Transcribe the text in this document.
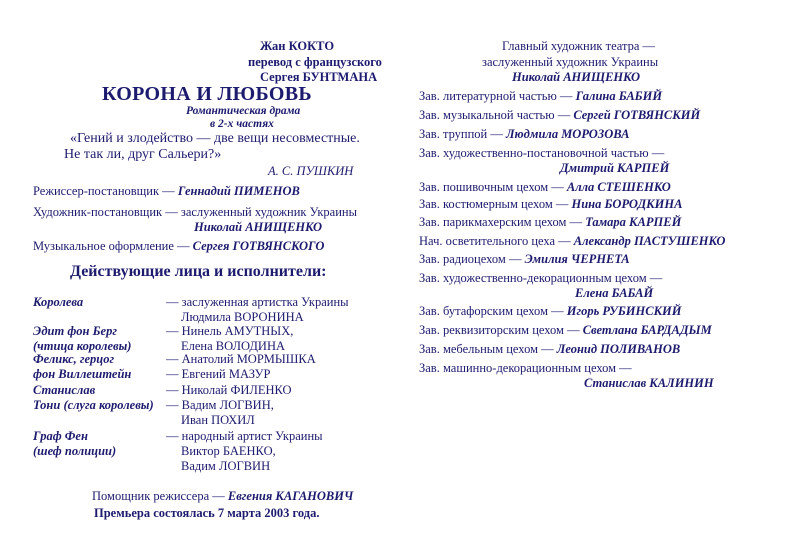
Жан КОКТО
перевод с французского
Сергея БУНТМАНА
КОРОНА И ЛЮБОВЬ
Романтическая драма
в 2-х частях
«Гений и злодейство — две вещи несовместные.
Не так ли, друг Сальери?»
А. С. ПУШКИН
Режиссер-постановщик — Геннадий ПИМЕНОВ
Художник-постановщик — заслуженный художник Украины
Николай АНИЩЕНКО
Музыкальное оформление — Сергея ГОТВЯНСКОГО
Действующие лица и исполнители:
Королева	— заслуженная артистка Украины
Людмила ВОРОНИНА
Эдит фон Берг
(чтица королевы)
— Нинель АМУТНЫХ,
Елена ВОЛОДИНА
Феликс, герцог
фон Виллештейн
— Анатолий МОРМЫШКА
— Евгений МАЗУР
Станислав	— Николай ФИЛЕНКО
Тони (слуга королевы) — Вадим ЛОГВИН,
Иван ПОХИЛ
Граф Фен
(шеф полиции)
— народный артист Украины
Виктор БАЕНКО,
Вадим ЛОГВИН
Помощник режиссера — Евгения КАГАНОВИЧ
Премьера состоялась 7 марта 2003 года.
Главный художник театра —
заслуженный художник Украины
Николай АНИЩЕНКО
Зав. литературной частью — Галина БАБИЙ
Зав. музыкальной частью — Сергей ГОТВЯНСКИЙ
Зав. труппой — Людмила МОРОЗОВА
Зав. художественно-постановочной частью —
Дмитрий КАРПЕЙ
Зав. пошивочным цехом — Алла СТЕШЕНКО
Зав. костюмерным цехом — Нина БОРОДКИНА
Зав. парикмахерским цехом — Тамара КАРПЕЙ
Нач. осветительного цеха — Александр ПАСТУШЕНКО
Зав. радиоцехом — Эмилия ЧЕРНЕТА
Зав. художественно-декорационным цехом —
Елена БАБАЙ
Зав. бутафорским цехом — Игорь РУБИНСКИЙ
Зав. реквизиторским цехом — Светлана БАРДАДЫМ
Зав. мебельным цехом — Леонид ПОЛИВАНОВ
Зав. машинно-декорационным цехом —
Станислав КАЛИНИН
